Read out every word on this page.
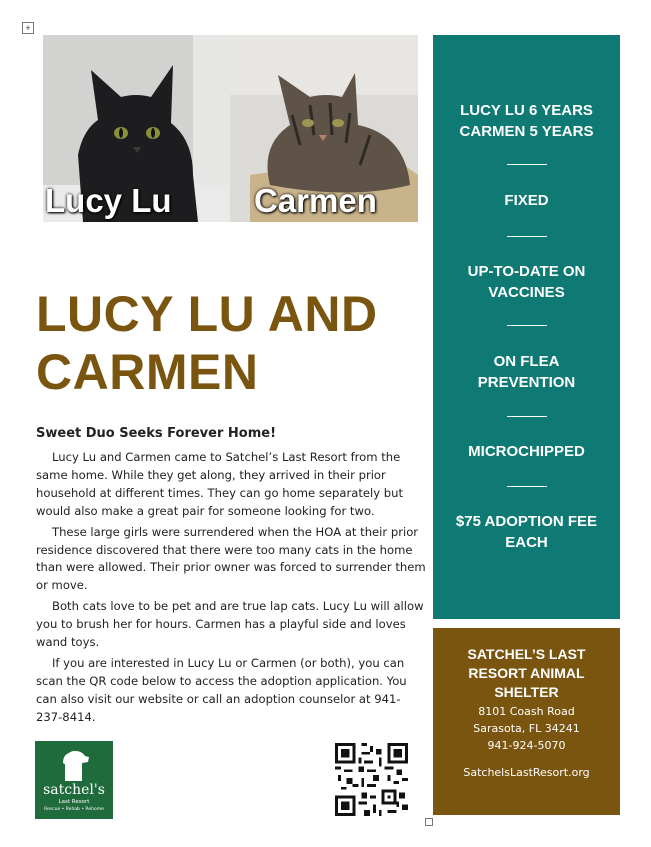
+
Lucy Lu Carmen
LUCY LU AND
CARMEN
Sweet Duo Seeks Forever Home!

Lucy Lu and Carmen came to Satchel’s Last Resort from the same home. While they get along, they arrived in their prior household at different times. They can go home separately but would also make a great pair for someone looking for two.

These large girls were surrendered when the HOA at their prior residence discovered that there were too many cats in the home than were allowed. Their prior owner was forced to surrender them or move.

Both cats love to be pet and are true lap cats. Lucy Lu will allow you to brush her for hours. Carmen has a playful side and loves wand toys.

If you are interested in Lucy Lu or Carmen (or both), you can scan the QR code below to access the adoption application. You can also visit our website or call an adoption counselor at 941-237-8414.

satchel's
Last Resort
Rescue • Rehab • Rehome
LUCY LU 6 YEARS
CARMEN 5 YEARS
FIXED
UP-TO-DATE ON
VACCINES
ON FLEA
PREVENTION
MICROCHIPPED
$75 ADOPTION FEE
EACH
SATCHEL’S LAST
RESORT ANIMAL
SHELTER
8101 Coash Road
Sarasota, FL 34241
941-924-5070
SatchelsLastResort.org
